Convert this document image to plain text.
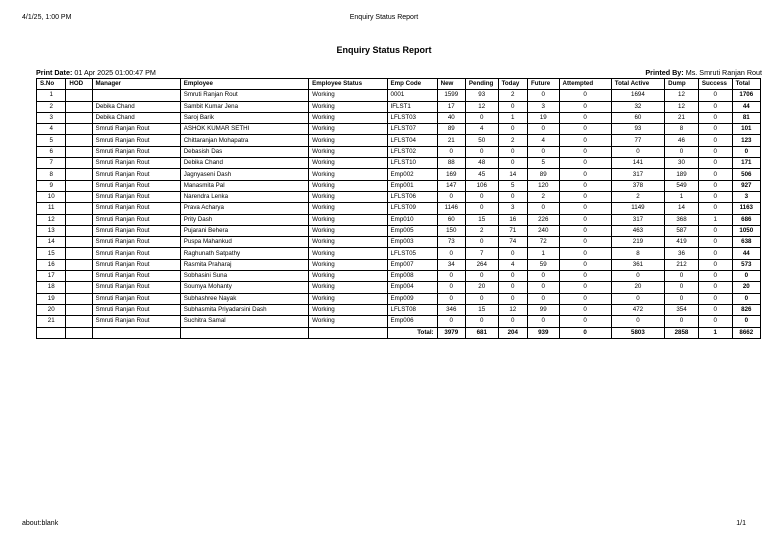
4/1/25, 1:00 PM	Enquiry Status Report
Enquiry Status Report
Print Date: 01 Apr 2025 01:00:47 PM	Printed By: Ms. Smruti Ranjan Rout
S.No	HOD	Manager	Employee	Employee Status	Emp Code	New	Pending	Today	Future	Attempted	Total Active	Dump	Success	Total
1			Smruti Ranjan Rout	Working	0001	1599	93	2	0	0	1694	12	0	1706
2		Debika Chand	Sambit Kumar Jena	Working	IFLST1	17	12	0	3	0	32	12	0	44
3		Debika Chand	Saroj Barik	Working	LFLST03	40	0	1	19	0	60	21	0	81
4		Smruti Ranjan Rout	ASHOK KUMAR SETHI	Working	LFLST07	89	4	0	0	0	93	8	0	101
5		Smruti Ranjan Rout	Chittaranjan Mohapatra	Working	LFLST04	21	50	2	4	0	77	46	0	123
6		Smruti Ranjan Rout	Debasish Das	Working	LFLST02	0	0	0	0	0	0	0	0	0
7		Smruti Ranjan Rout	Debika Chand	Working	LFLST10	88	48	0	5	0	141	30	0	171
8		Smruti Ranjan Rout	Jagnyaseni Dash	Working	Emp002	169	45	14	89	0	317	189	0	506
9		Smruti Ranjan Rout	Manasmita Pal	Working	Emp001	147	106	5	120	0	378	549	0	927
10		Smruti Ranjan Rout	Narendra Lenka	Working	LFLST06	0	0	0	2	0	2	1	0	3
11		Smruti Ranjan Rout	Prava Acharya	Working	LFLST09	1146	0	3	0	0	1149	14	0	1163
12		Smruti Ranjan Rout	Prity Dash	Working	Emp010	60	15	16	226	0	317	368	1	686
13		Smruti Ranjan Rout	Pujarani Behera	Working	Emp005	150	2	71	240	0	463	587	0	1050
14		Smruti Ranjan Rout	Puspa Mahankud	Working	Emp003	73	0	74	72	0	219	419	0	638
15		Smruti Ranjan Rout	Raghunath Satpathy	Working	LFLST05	0	7	0	1	0	8	36	0	44
16		Smruti Ranjan Rout	Rasmita Praharaj	Working	Emp007	34	264	4	59	0	361	212	0	573
17		Smruti Ranjan Rout	Sobhasini Suna	Working	Emp008	0	0	0	0	0	0	0	0	0
18		Smruti Ranjan Rout	Soumya Mohanty	Working	Emp004	0	20	0	0	0	20	0	0	20
19		Smruti Ranjan Rout	Subhashree Nayak	Working	Emp009	0	0	0	0	0	0	0	0	0
20		Smruti Ranjan Rout	Subhasmita Priyadarsini Dash	Working	LFLST08	346	15	12	99	0	472	354	0	826
21		Smruti Ranjan Rout	Suchitra Samal	Working	Emp006	0	0	0	0	0	0	0	0	0
					Total:	3979	681	204	939	0	5803	2858	1	8662
about:blank	1/1
